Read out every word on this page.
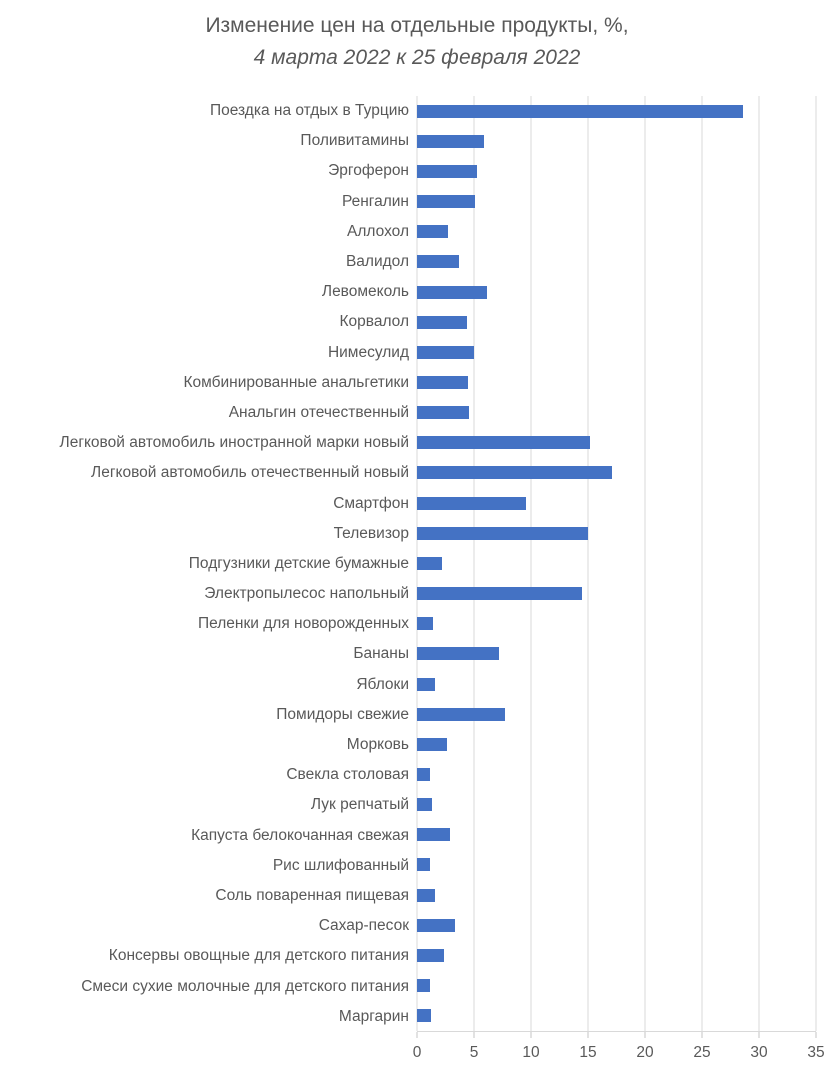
Изменение цен на отдельные продукты, %,
4 марта 2022 к 25 февраля 2022
Поездка на отдых в Турцию
Поливитамины
Эргоферон
Ренгалин
Аллохол
Валидол
Левомеколь
Корвалол
Нимесулид
Комбинированные анальгетики
Анальгин отечественный
Легковой автомобиль иностранной марки новый
Легковой автомобиль отечественный новый
Смартфон
Телевизор
Подгузники детские бумажные
Электропылесос напольный
Пеленки для новорожденных
Бананы
Яблоки
Помидоры свежие
Морковь
Свекла столовая
Лук репчатый
Капуста белокочанная свежая
Рис шлифованный
Соль поваренная пищевая
Сахар-песок
Консервы овощные для детского питания
Смеси сухие молочные для детского питания
Маргарин
0	5	10	15	20	25	30	35
